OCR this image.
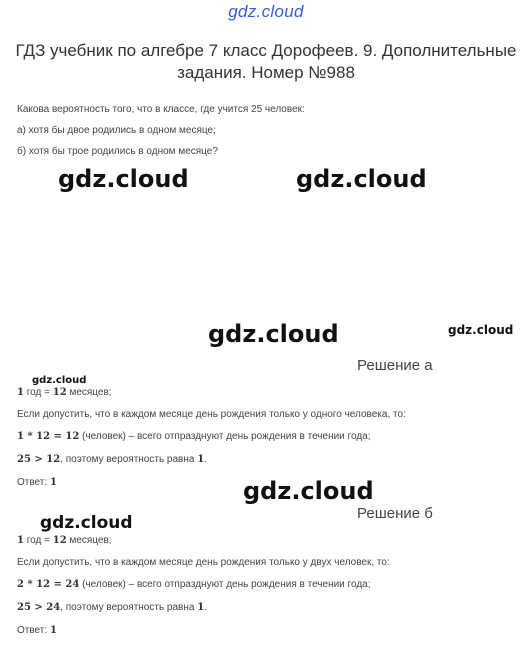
gdz.cloud
ГДЗ учебник по алгебре 7 класс Дорофеев. 9. Дополнительные задания. Номер №988
Какова вероятность того, что в классе, где учится 25 человек:
а) хотя бы двое родились в одном месяце;
б) хотя бы трое родились в одном месяце?
gdz.cloud	gdz.cloud
gdz.cloud	gdz.cloud
Решение а
gdz.cloud
1 год = 12 месяцев;
Если допустить, что в каждом месяце день рождения только у одного человека, то:
1 * 12 = 12 (человек) – всего отпразднуют день рождения в течении года;
25 > 12, поэтому вероятность равна 1.
Ответ: 1	gdz.cloud
Решение б
gdz.cloud
1 год = 12 месяцев;
Если допустить, что в каждом месяце день рождения только у двух человек, то:
2 * 12 = 24 (человек) – всего отпразднуют день рождения в течении года;
25 > 24, поэтому вероятность равна 1.
Ответ: 1
